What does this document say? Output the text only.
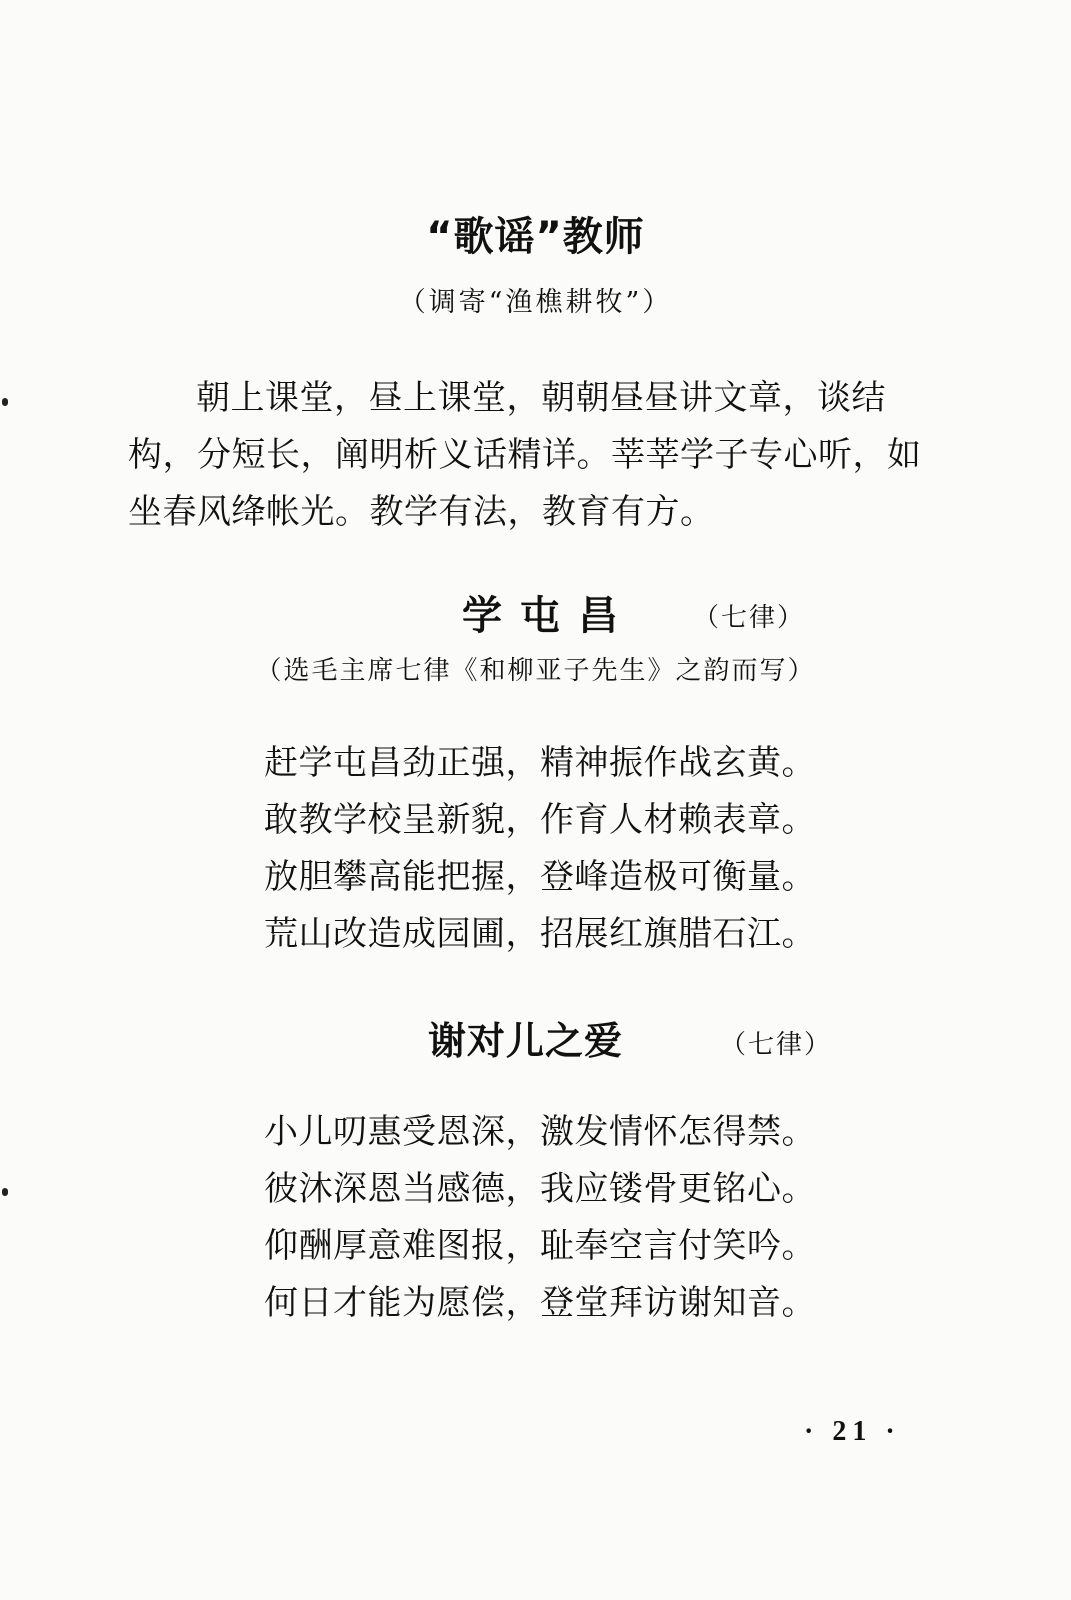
“歌谣”教师
（调寄“渔樵耕牧”）

朝上课堂，昼上课堂，朝朝昼昼讲文章，谈结构，分短长，阐明析义话精详。莘莘学子专心听，如坐春风绛帐光。教学有法，教育有方。

学屯昌 （七律）
（选毛主席七律《和柳亚子先生》之韵而写）
赶学屯昌劲正强，精神振作战玄黄。
敢教学校呈新貌，作育人材赖表章。
放胆攀高能把握，登峰造极可衡量。
荒山改造成园圃，招展红旗腊石江。
谢对儿之爱	（七律）
小儿叨惠受恩深，激发情怀怎得禁。
彼沐深恩当感德，我应镂骨更铭心。
仰酬厚意难图报，耻奉空言付笑吟。
何日才能为愿偿，登堂拜访谢知音。
· 21 ·
